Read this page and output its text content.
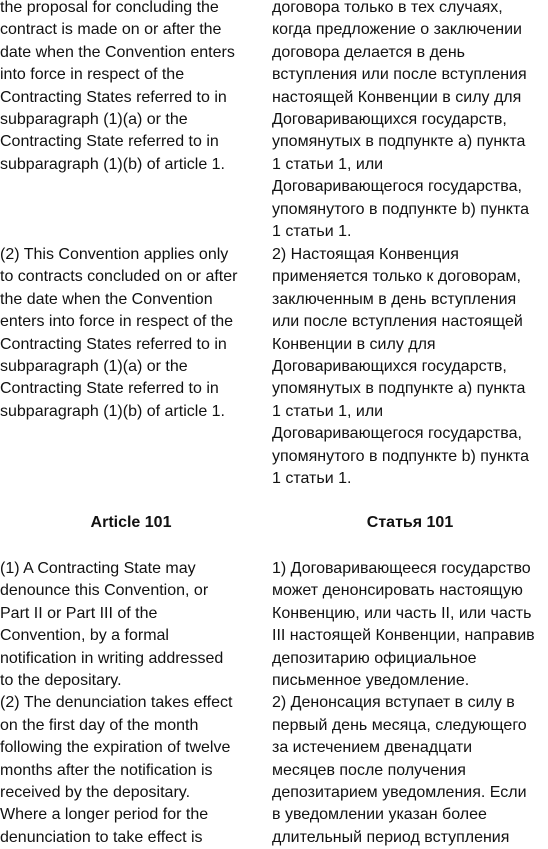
the proposal for concluding the
contract is made on or after the
date when the Convention enters
into force in respect of the
Contracting States referred to in
subparagraph (1)(a) or the
Contracting State referred to in
subparagraph (1)(b) of article 1.
(2) This Convention applies only
to contracts concluded on or after
the date when the Convention
enters into force in respect of the
Contracting States referred to in
subparagraph (1)(a) or the
Contracting State referred to in
subparagraph (1)(b) of article 1.
Article 101
(1) A Contracting State may
denounce this Convention, or
Part II or Part III of the
Convention, by a formal
notification in writing addressed
to the depositary.
(2) The denunciation takes effect
on the first day of the month
following the expiration of twelve
months after the notification is
received by the depositary.
Where a longer period for the
denunciation to take effect is
договора только в тех случаях,
когда предложение о заключении
договора делается в день
вступления или после вступления
настоящей Конвенции в силу для
Договаривающихся государств,
упомянутых в подпункте а) пункта
1 статьи 1, или
Договаривающегося государства,
упомянутого в подпункте b) пункта
1 статьи 1.
2) Настоящая Конвенция
применяется только к договорам,
заключенным в день вступления
или после вступления настоящей
Конвенции в силу для
Договаривающихся государств,
упомянутых в подпункте а) пункта
1 статьи 1, или
Договаривающегося государства,
упомянутого в подпункте b) пункта
1 статьи 1.
Статья 101
1) Договаривающееся государство
может денонсировать настоящую
Конвенцию, или часть II, или часть
III настоящей Конвенции, направив
депозитарию официальное
письменное уведомление.
2) Денонсация вступает в силу в
первый день месяца, следующего
за истечением двенадцати
месяцев после получения
депозитарием уведомления. Если
в уведомлении указан более
длительный период вступления
